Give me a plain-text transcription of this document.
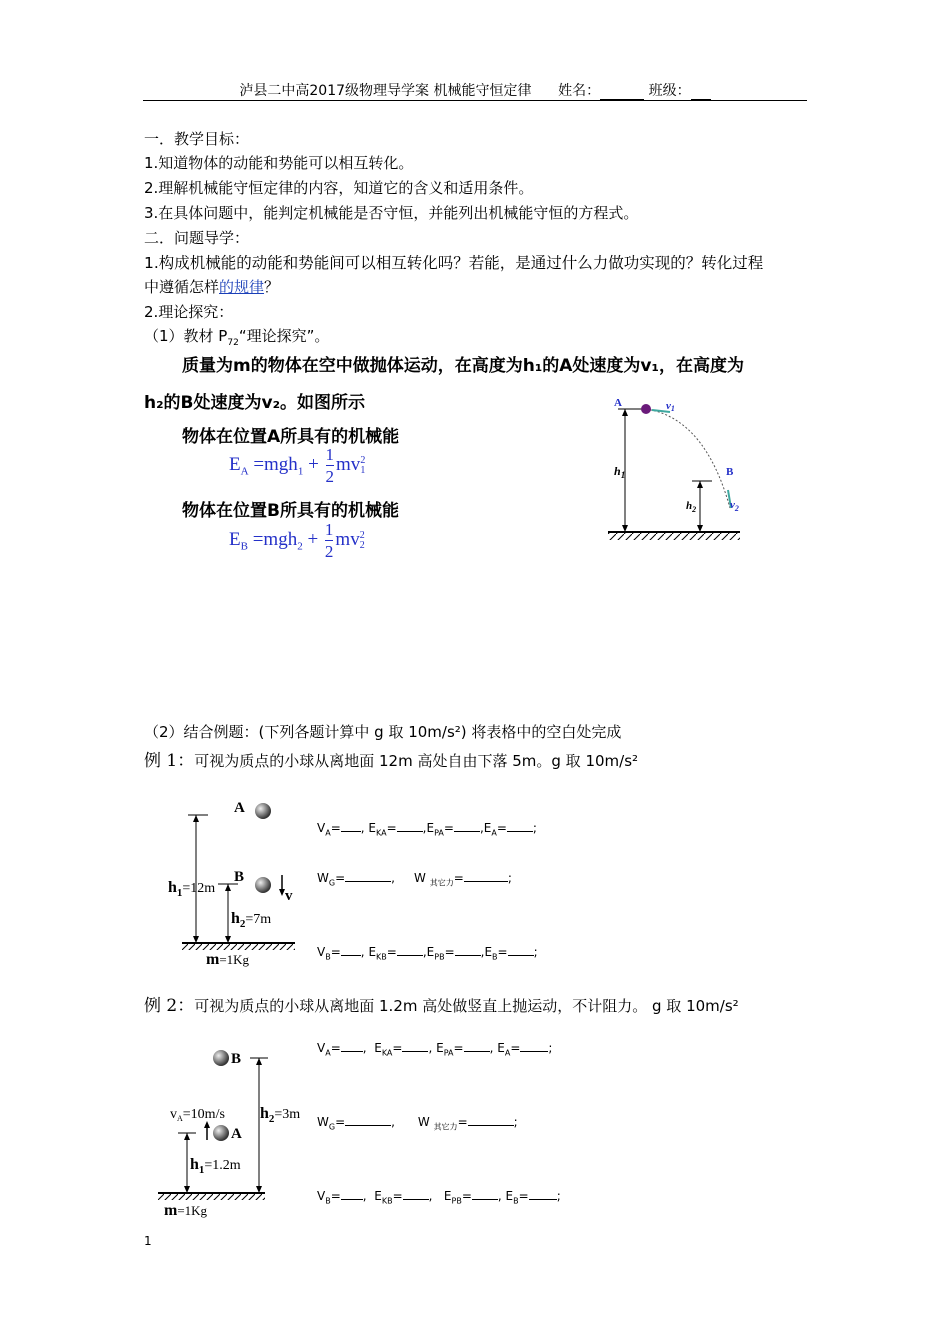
泸县二中高2017级物理导学案 机械能守恒定律 姓名：	班级：
一．教学目标：
1.知道物体的动能和势能可以相互转化。
2.理解机械能守恒定律的内容，知道它的含义和适用条件。
3.在具体问题中，能判定机械能是否守恒，并能列出机械能守恒的方程式。
二．问题导学：
1.构成机械能的动能和势能间可以相互转化吗？若能，是通过什么力做功实现的？转化过程
中遵循怎样的规律？
2.理论探究：
（1）教材 $P_{72}“$理论探究”。
质量为m的物体在空中做抛体运动，在高度为h₁的A处速度为v₁，在高度为
h₂的B处速度为v₂。如图所示
物体在位置A所具有的机械能
$E_A =mgh_1 + \frac{1}{2}$ mv 2
1
物体在位置B所具有的机械能
$E_B =mgh_2 + \frac{1}{2}$ mv 2
2
A	v1
$h_1$	B
$h_2$	$v_2$
（2）结合例题：(下列各题计算中 g 取 10m/s²) 将表格中的空白处完成
例 1：可视为质点的小球从离地面 12m 高处自由下落 5m。g 取 10m/s²
A
B
v
$h_1=12m$
$h_2=7m$
m=1Kg
$V_A=$ , $E_{KA}= ,E_{PA}= ,E_A=$ ;
$W_G=$	, W $_{其它力}$=	;
$V_B=$ , $E_{KB}= ,E_{PB}= ,E_B=$ ;
例 2：可视为质点的小球从离地面 1.2m 高处做竖直上抛运动，不计阻力。 g 取 10m/s²
B
A
$v_A=10m/s$ $h_2=3m$
$h_1=1.2m$
m=1Kg
$V_A=$ , $E_{KA}=$ , $E_{PA}=$ , $E_A=$ ;
$W_G=$	, W $_{其它力}$=	;
$V_B=$ , $E_{KB}=$ , $E_{PB}=$ , $E_B=$ ;
1
